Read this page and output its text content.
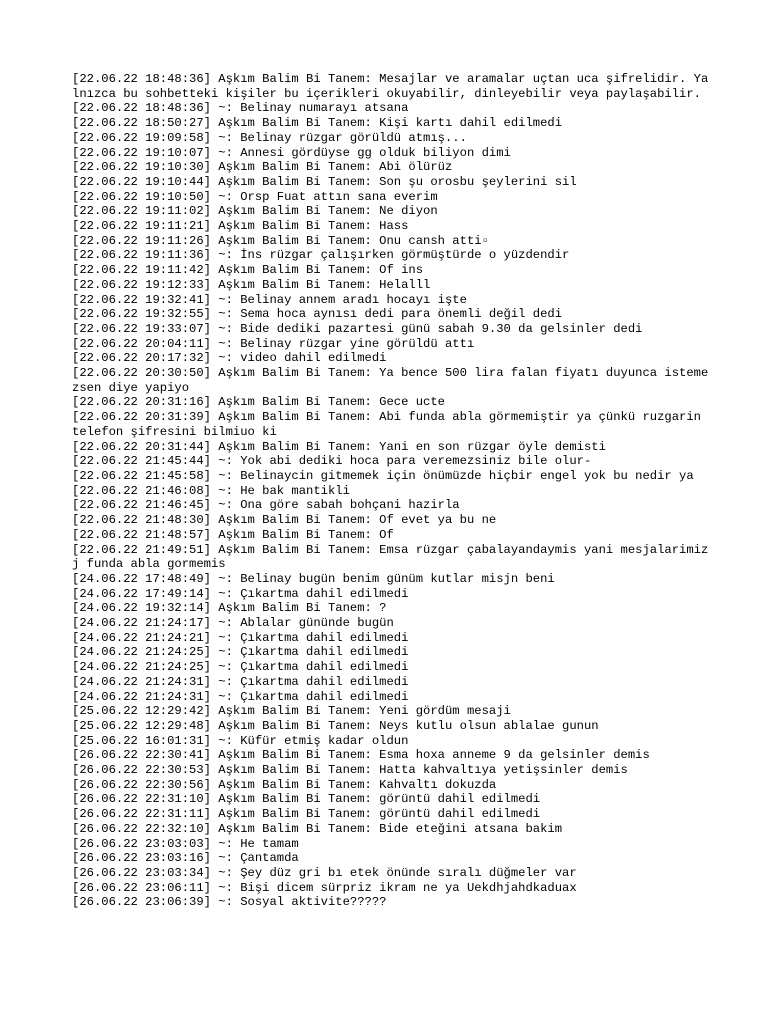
[22.06.22 18:48:36] Aşkım Balim Bi Tanem: Mesajlar ve aramalar uçtan uca şifrelidir. Yalnızca bu sohbetteki kişiler bu içerikleri okuyabilir, dinleyebilir veya paylaşabilir.
[22.06.22 18:48:36] ~: Belinay numarayı atsana
[22.06.22 18:50:27] Aşkım Balim Bi Tanem: Kişi kartı dahil edilmedi
[22.06.22 19:09:58] ~: Belinay rüzgar görüldü atmış...
[22.06.22 19:10:07] ~: Annesi gördüyse gg olduk biliyon dimi
[22.06.22 19:10:30] Aşkım Balim Bi Tanem: Abi ölürüz
[22.06.22 19:10:44] Aşkım Balim Bi Tanem: Son şu orosbu şeylerini sil
[22.06.22 19:10:50] ~: Orsp Fuat attın sana everim
[22.06.22 19:11:02] Aşkım Balim Bi Tanem: Ne diyon
[22.06.22 19:11:21] Aşkım Balim Bi Tanem: Hass
[22.06.22 19:11:26] Aşkım Balim Bi Tanem: Onu cansh atti▫
[22.06.22 19:11:36] ~: İns rüzgar çalışırken görmüştürde o yüzdendir
[22.06.22 19:11:42] Aşkım Balim Bi Tanem: Of ins
[22.06.22 19:12:33] Aşkım Balim Bi Tanem: Helalll
[22.06.22 19:32:41] ~: Belinay annem aradı hocayı işte
[22.06.22 19:32:55] ~: Sema hoca aynısı dedi para önemli değil dedi
[22.06.22 19:33:07] ~: Bide dediki pazartesi günü sabah 9.30 da gelsinler dedi
[22.06.22 20:04:11] ~: Belinay rüzgar yine görüldü attı
[22.06.22 20:17:32] ~: video dahil edilmedi
[22.06.22 20:30:50] Aşkım Balim Bi Tanem: Ya bence 500 lira falan fiyatı duyunca istemezsen diye yapiyo
[22.06.22 20:31:16] Aşkım Balim Bi Tanem: Gece ucte
[22.06.22 20:31:39] Aşkım Balim Bi Tanem: Abi funda abla görmemiştir ya çünkü ruzgarin telefon şifresini bilmiuo ki
[22.06.22 20:31:44] Aşkım Balim Bi Tanem: Yani en son rüzgar öyle demisti
[22.06.22 21:45:44] ~: Yok abi dediki hoca para veremezsiniz bile olur-
[22.06.22 21:45:58] ~: Belinaycin gitmemek için önümüzde hiçbir engel yok bu nedir ya
[22.06.22 21:46:08] ~: He bak mantikli
[22.06.22 21:46:45] ~: Ona göre sabah bohçani hazirla
[22.06.22 21:48:30] Aşkım Balim Bi Tanem: Of evet ya bu ne
[22.06.22 21:48:57] Aşkım Balim Bi Tanem: Of
[22.06.22 21:49:51] Aşkım Balim Bi Tanem: Emsa rüzgar çabalayandaymis yani mesjalarimizj funda abla gormemis
[24.06.22 17:48:49] ~: Belinay bugün benim günüm kutlar misjn beni
[24.06.22 17:49:14] ~: Çıkartma dahil edilmedi
[24.06.22 19:32:14] Aşkım Balim Bi Tanem: ?
[24.06.22 21:24:17] ~: Ablalar gününde bugün
[24.06.22 21:24:21] ~: Çıkartma dahil edilmedi
[24.06.22 21:24:25] ~: Çıkartma dahil edilmedi
[24.06.22 21:24:25] ~: Çıkartma dahil edilmedi
[24.06.22 21:24:31] ~: Çıkartma dahil edilmedi
[24.06.22 21:24:31] ~: Çıkartma dahil edilmedi
[25.06.22 12:29:42] Aşkım Balim Bi Tanem: Yeni gördüm mesaji
[25.06.22 12:29:48] Aşkım Balim Bi Tanem: Neys kutlu olsun ablalae gunun
[25.06.22 16:01:31] ~: Küfür etmiş kadar oldun
[26.06.22 22:30:41] Aşkım Balim Bi Tanem: Esma hoxa anneme 9 da gelsinler demis
[26.06.22 22:30:53] Aşkım Balim Bi Tanem: Hatta kahvaltıya yetişsinler demis
[26.06.22 22:30:56] Aşkım Balim Bi Tanem: Kahvaltı dokuzda
[26.06.22 22:31:10] Aşkım Balim Bi Tanem: görüntü dahil edilmedi
[26.06.22 22:31:11] Aşkım Balim Bi Tanem: görüntü dahil edilmedi
[26.06.22 22:32:10] Aşkım Balim Bi Tanem: Bide eteğini atsana bakim
[26.06.22 23:03:03] ~: He tamam
[26.06.22 23:03:16] ~: Çantamda
[26.06.22 23:03:34] ~: Şey düz gri bı etek önünde sıralı düğmeler var
[26.06.22 23:06:11] ~: Bişi dicem sürpriz ikram ne ya Uekdhjahdkaduax
[26.06.22 23:06:39] ~: Sosyal aktivite?????
